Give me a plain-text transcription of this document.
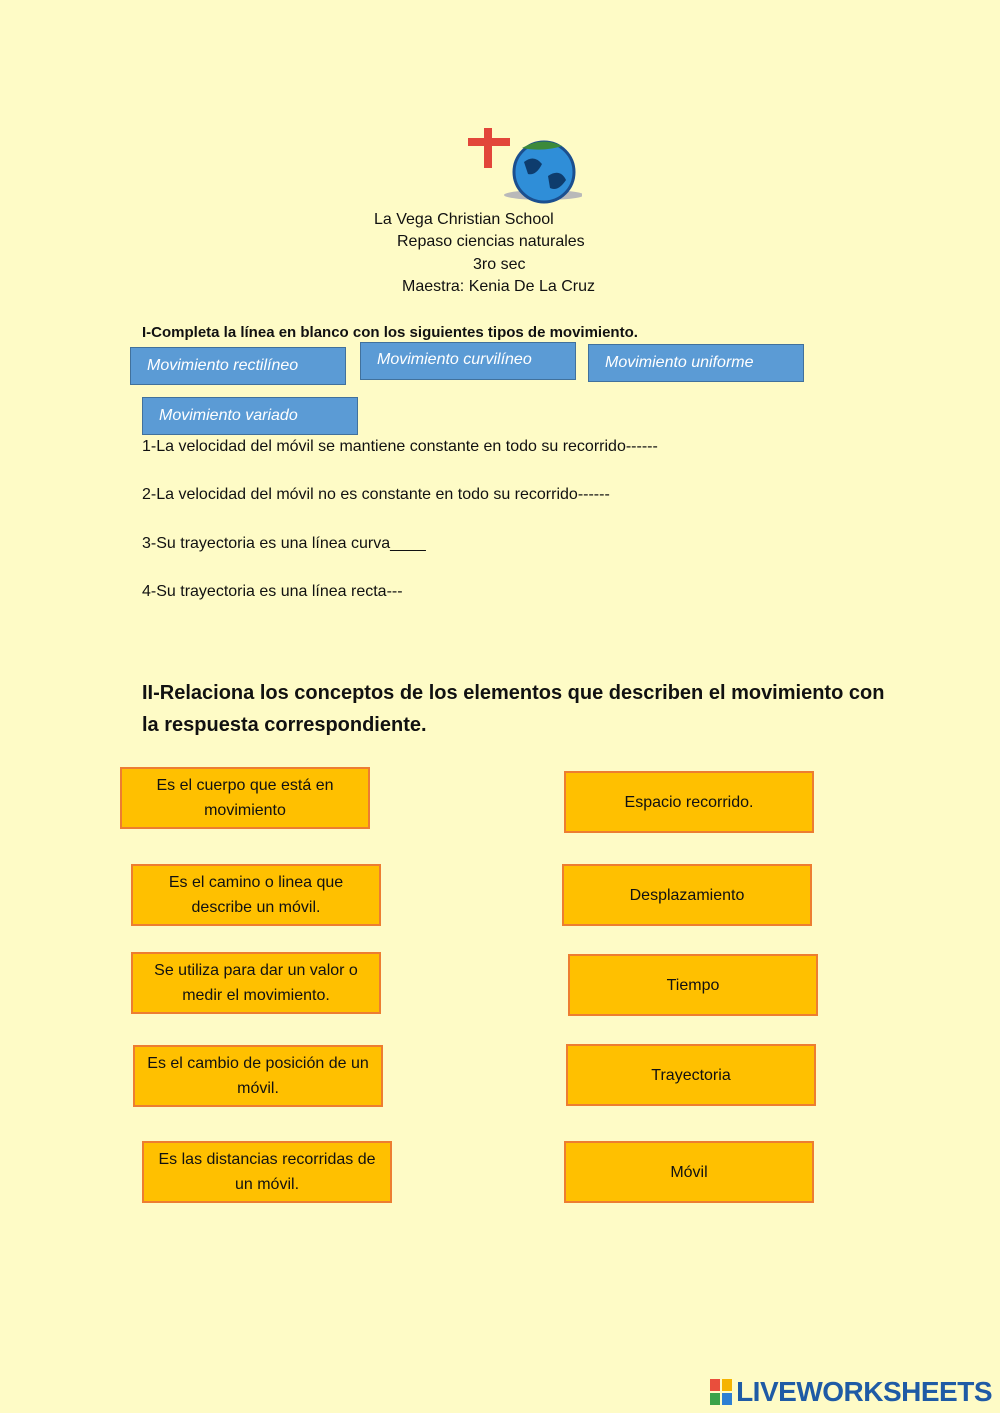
La Vega Christian School
Repaso ciencias naturales
3ro sec
Maestra: Kenia De La Cruz
I-Completa la línea en blanco con los siguientes tipos de movimiento.
Movimiento rectilíneo	Movimiento curvilíneo	Movimiento uniforme
Movimiento variado
1-La velocidad del móvil se mantiene constante en todo su recorrido------
2-La velocidad del móvil no es constante en todo su recorrido------
3-Su trayectoria es una línea curva____
4-Su trayectoria es una línea recta---
II-Relaciona los conceptos de los elementos que describen el movimiento con la respuesta correspondiente.
Es el cuerpo que está en movimiento
Es el camino o linea que describe un móvil.
Se utiliza para dar un valor o medir el movimiento.
Es el cambio de posición de un móvil.
Es las distancias recorridas de un móvil.
Espacio recorrido.
Desplazamiento
Tiempo
Trayectoria
Móvil
LIVEWORKSHEETS
